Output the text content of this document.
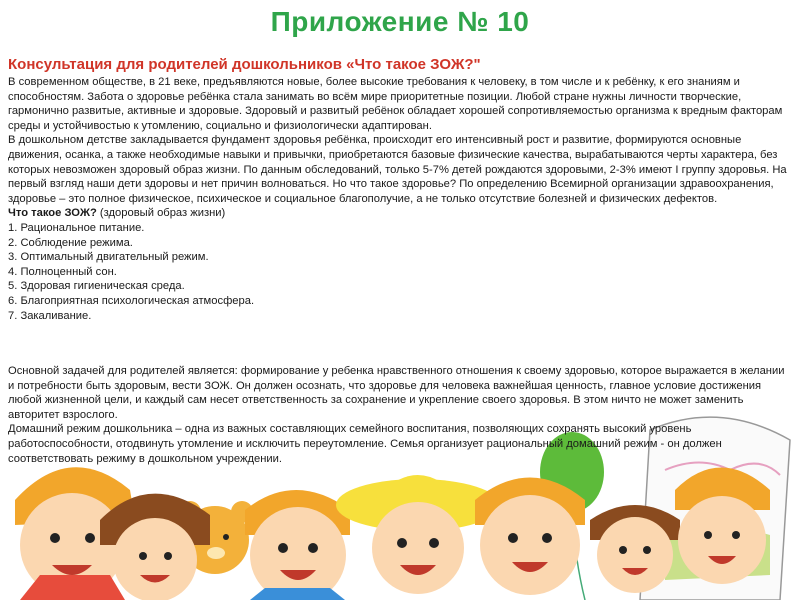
Приложение № 10
Консультация для родителей дошкольников «Что такое ЗОЖ?"

В современном обществе, в 21 веке, предъявляются новые, более высокие требования к человеку, в том числе и к ребёнку, к его знаниям и способностям. Забота о здоровье ребёнка стала занимать во всём мире приоритетные позиции. Любой стране нужны личности творческие, гармонично развитые, активные и здоровые. Здоровый и развитый ребёнок обладает хорошей сопротивляемостью организма к вредным факторам среды и устойчивостью к утомлению, социально и физиологически адаптирован.

В дошкольном детстве закладывается фундамент здоровья ребёнка, происходит его интенсивный рост и развитие, формируются основные движения, осанка, а также необходимые навыки и привычки, приобретаются базовые физические качества, вырабатываются черты характера, без которых невозможен здоровый образ жизни. По данным обследований, только 5-7% детей рождаются здоровыми, 2-3% имеют I группу здоровья. На первый взгляд наши дети здоровы и нет причин волноваться. Но что такое здоровье? По определению Всемирной организации здравоохранения, здоровье – это полное физическое, психическое и социальное благополучие, а не только отсутствие болезней и физических дефектов.

Что такое ЗОЖ? (здоровый образ жизни)

1. Рациональное питание.
2. Соблюдение режима.
3. Оптимальный двигательный режим.
4. Полноценный сон.
5. Здоровая гигиеническая среда.
6. Благоприятная психологическая атмосфера.
7. Закаливание.

Основной задачей для родителей является: формирование у ребенка нравственного отношения к своему здоровью, которое выражается в желании и потребности быть здоровым, вести ЗОЖ. Он должен осознать, что здоровье для человека важнейшая ценность, главное условие достижения любой жизненной цели, и каждый сам несет ответственность за сохранение и укрепление своего здоровья. В этом ничто не может заменить авторитет взрослого.

Домашний режим дошкольника – одна из важных составляющих семейного воспитания, позволяющих сохранять высокий уровень работоспособности, отодвинуть утомление и исключить переутомление. Семья организует рациональный домашний режим - он должен соответствовать режиму в дошкольном учреждении.
